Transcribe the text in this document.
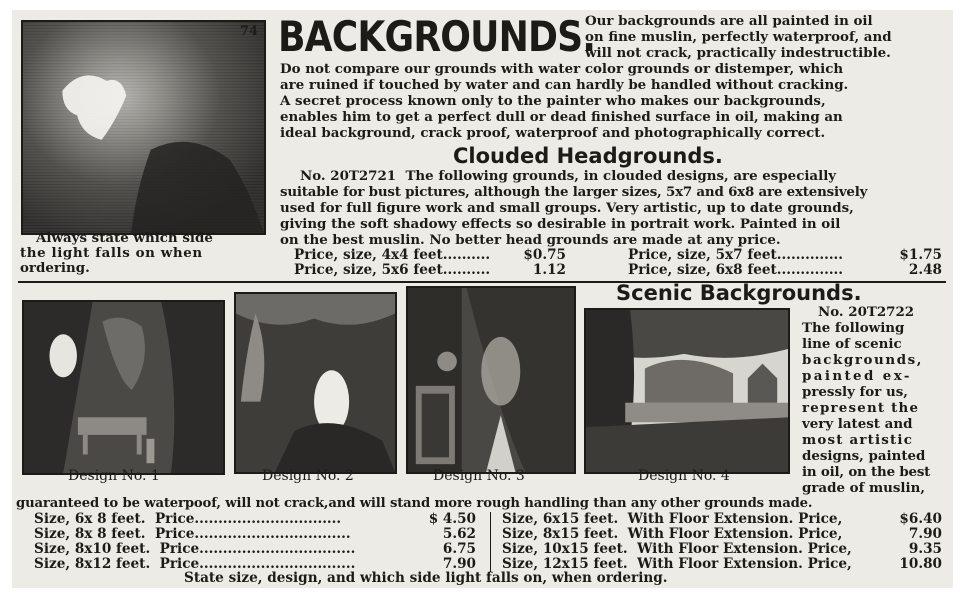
74
Always state which side
the light falls on when
ordering.
BACKGROUNDS.
Our backgrounds are all painted in oil
on fine muslin, perfectly waterproof, and
will not crack, practically indestructible.
Do not compare our grounds with water color grounds or distemper, which
are ruined if touched by water and can hardly be handled without cracking.
A secret process known only to the painter who makes our backgrounds,
enables him to get a perfect dull or dead finished surface in oil, making an
ideal background, crack proof, waterproof and photographically correct.
Clouded Headgrounds.
No. 20T2721 The following grounds, in clouded designs, are especially
suitable for bust pictures, although the larger sizes, 5x7 and 6x8 are extensively
used for full figure work and small groups. Very artistic, up to date grounds,
giving the soft shadowy effects so desirable in portrait work. Painted in oil
on the best muslin. No better head grounds are made at any price.
Price, size, 4x4 feet.......... $0.75
Price, size, 5x6 feet..........	1.12
Price, size, 5x7 feet..............	$1.75
Price, size, 6x8 feet..............	2.48
Scenic Backgrounds.
Design No. 1	Design No. 2	Design No. 3	Design No. 4
No. 20T2722
The following
line of scenic
backgrounds,
painted ex-
pressly for us,
represent the
very latest and
most artistic
designs, painted
in oil, on the best
grade of muslin,
guaranteed to be waterpoof, will not crack,and will stand more rough handling than any other grounds made.
Size, 6x 8 feet. Price...............................	$ 4.50
Size, 8x 8 feet. Price.................................	5.62
Size, 8x10 feet. Price.................................	6.75
Size, 8x12 feet. Price.................................	7.90
Size, 6x15 feet. With Floor Extension. Price,	$6.40
Size, 8x15 feet. With Floor Extension. Price,	7.90
Size, 10x15 feet. With Floor Extension. Price,	9.35
Size, 12x15 feet. With Floor Extension. Price,	10.80
State size, design, and which side light falls on, when ordering.
